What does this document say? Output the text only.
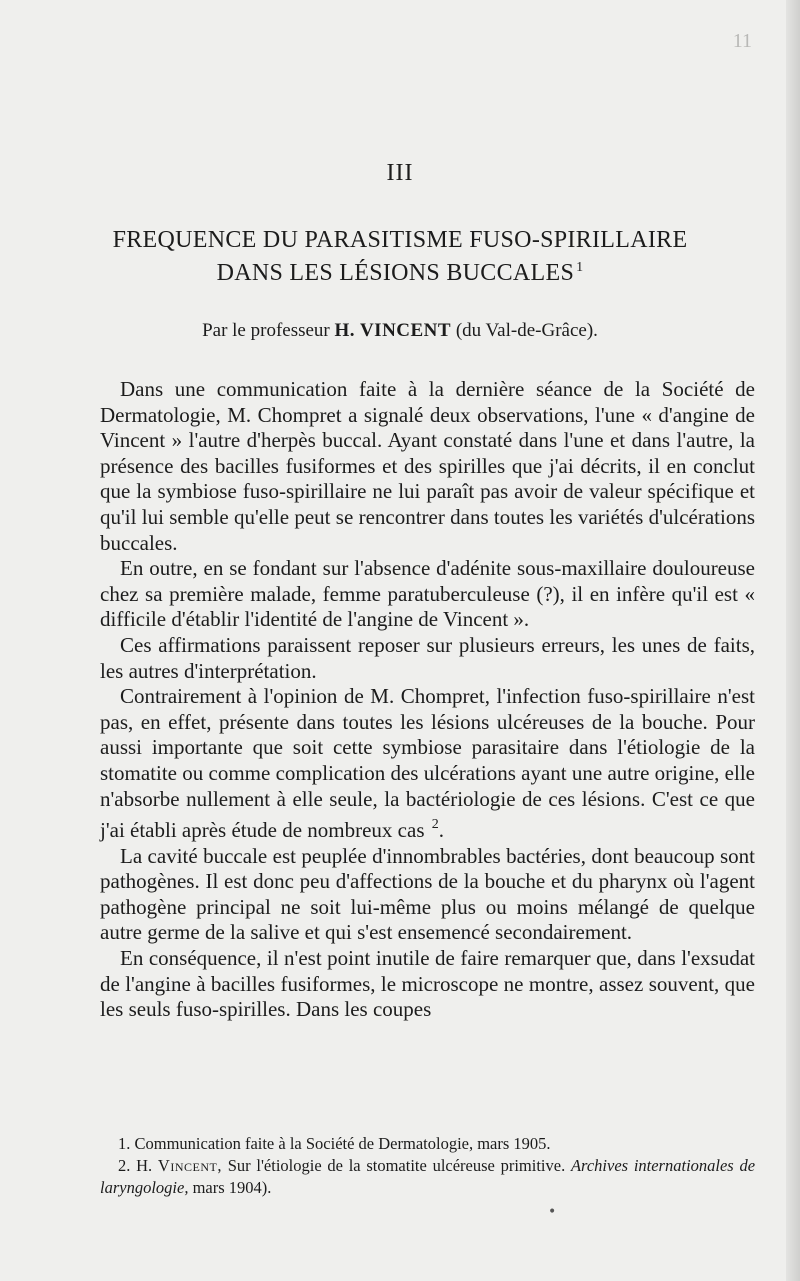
11
III
FREQUENCE DU PARASITISME FUSO-SPIRILLAIRE
DANS LES LÉSIONS BUCCALES $^1$
Par le professeur H. VINCENT (du Val-de-Grâce).

Dans une communication faite à la dernière séance de la Société de Dermatologie, M. Chompret a signalé deux observations, l'une « d'angine de Vincent » l'autre d'herpès buccal. Ayant constaté dans l'une et dans l'autre, la présence des bacilles fusiformes et des spirilles que j'ai décrits, il en conclut que la symbiose fuso-spirillaire ne lui paraît pas avoir de valeur spécifique et qu'il lui semble qu'elle peut se rencontrer dans toutes les variétés d'ulcérations buccales.

En outre, en se fondant sur l'absence d'adénite sous-maxillaire douloureuse chez sa première malade, femme paratuberculeuse (?), il en infère qu'il est « difficile d'établir l'identité de l'angine de Vincent ».

Ces affirmations paraissent reposer sur plusieurs erreurs, les unes de faits, les autres d'interprétation.

Contrairement à l'opinion de M. Chompret, l'infection fuso-spirillaire n'est pas, en effet, présente dans toutes les lésions ulcéreuses de la bouche. Pour aussi importante que soit cette symbiose parasitaire dans l'étiologie de la stomatite ou comme complication des ulcérations ayant une autre origine, elle n'absorbe nullement à elle seule, la bactériologie de ces lésions. C'est ce que j'ai établi après étude de nombreux cas $^2$.

La cavité buccale est peuplée d'innombrables bactéries, dont beaucoup sont pathogènes. Il est donc peu d'affections de la bouche et du pharynx où l'agent pathogène principal ne soit lui-même plus ou moins mélangé de quelque autre germe de la salive et qui s'est ensemencé secondairement.

En conséquence, il n'est point inutile de faire remarquer que, dans l'exsudat de l'angine à bacilles fusiformes, le microscope ne montre, assez souvent, que les seuls fuso-spirilles. Dans les coupes

1. Communication faite à la Société de Dermatologie, mars 1905.

2. H. Vincent, Sur l'étiologie de la stomatite ulcéreuse primitive. Archives internationales de laryngologie, mars 1904).

•
